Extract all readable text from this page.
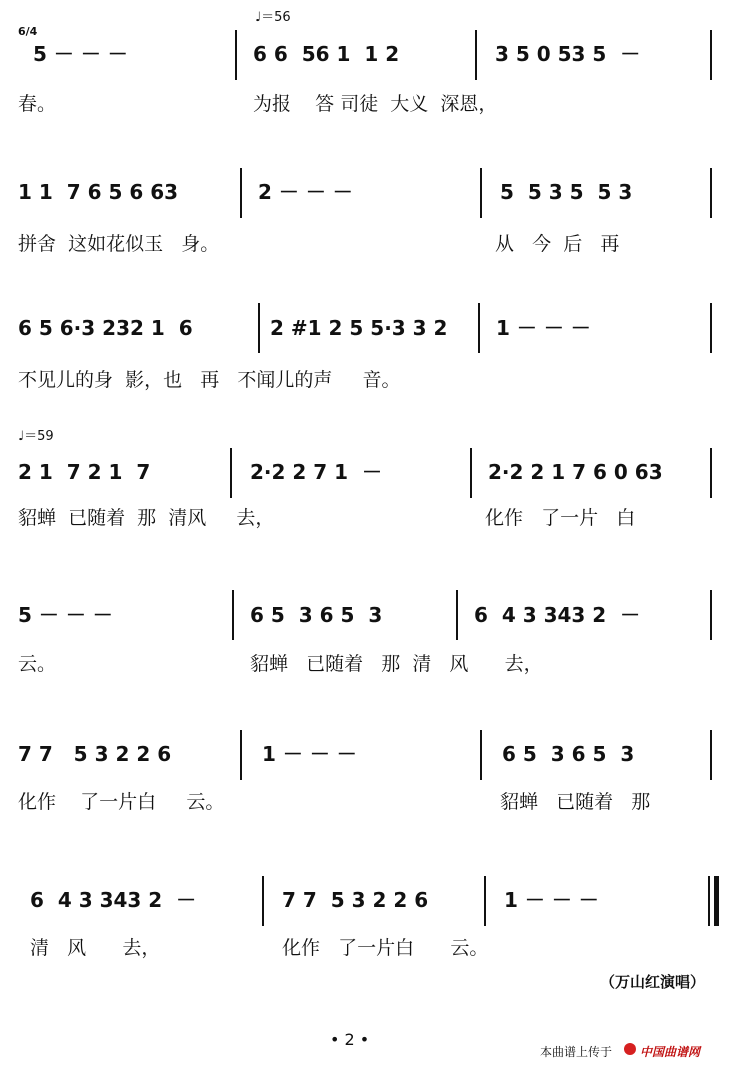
♩＝56
6/4
5 － － －	6 6  56 1  1 2	3 5 0 53 5  －
春。	为报    答 司徒  大义  深恩，
1 1  7 6 5 6 63	2 － － －	5  5 3 5  5 3
拼舍  这如花似玉   身。	从   今  后   再
6 5 6·3 232 1  6	2 #1 2 5 5·3 3 2 1 － － －
不见儿的身  影，也   再   不闻儿的声     音。
♩＝59
2 1  7 2 1  7	2·2 2 7 1  －	2·2 2 1 7 6 0 63
貂蝉  已随着  那  清风     去，	化作   了一片   白
5 － － －	6 5  3 6 5  3	6  4 3 343 2  －
云。	貂蝉   已随着   那  清   风      去，
7 7   5 3 2 2 6	1 － － －	6 5  3 6 5  3
化作    了一片白     云。	貂蝉   已随着   那
6  4 3 343 2  －	7 7  5 3 2 2 6	1 － － －
清   风      去，	化作   了一片白      云。
（万山红演唱）
• 2 •
本曲谱上传于 中国曲谱网
